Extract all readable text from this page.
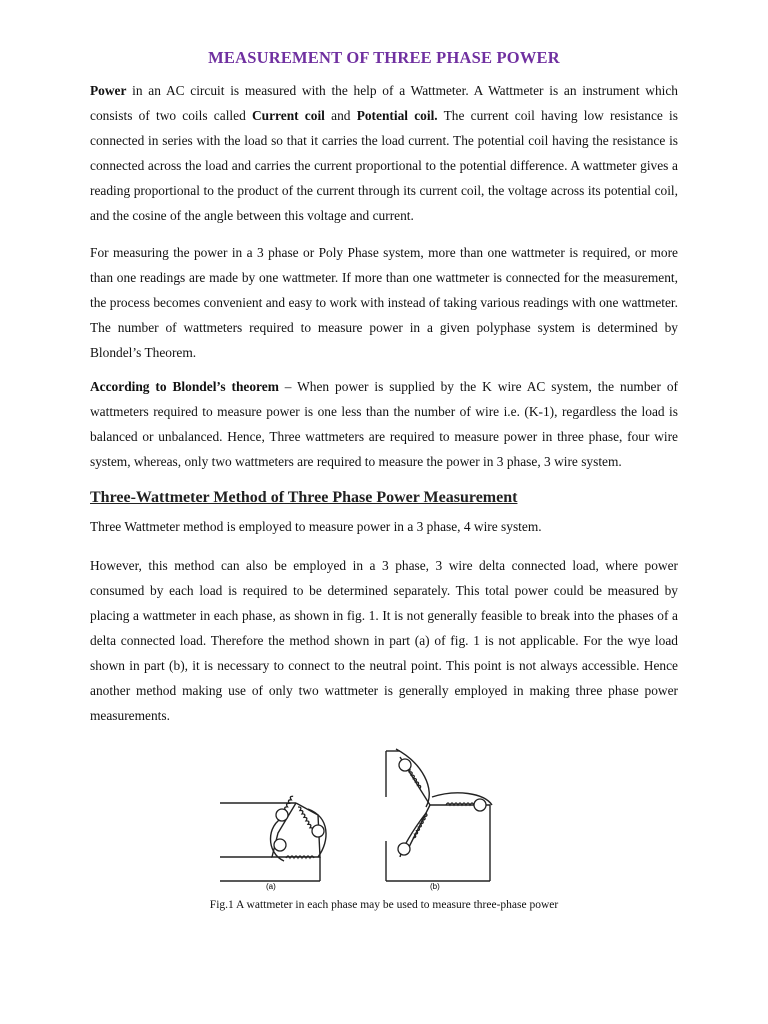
MEASUREMENT OF THREE PHASE POWER

Power in an AC circuit is measured with the help of a Wattmeter. A Wattmeter is an instrument which consists of two coils called Current coil and Potential coil. The current coil having low resistance is connected in series with the load so that it carries the load current. The potential coil having the resistance is connected across the load and carries the current proportional to the potential difference. A wattmeter gives a reading proportional to the product of the current through its current coil, the voltage across its potential coil, and the cosine of the angle between this voltage and current.

For measuring the power in a 3 phase or Poly Phase system, more than one wattmeter is required, or more than one readings are made by one wattmeter. If more than one wattmeter is connected for the measurement, the process becomes convenient and easy to work with instead of taking various readings with one wattmeter. The number of wattmeters required to measure power in a given polyphase system is determined by Blondel’s Theorem.

According to Blondel’s theorem – When power is supplied by the K wire AC system, the number of wattmeters required to measure power is one less than the number of wire i.e. (K-1), regardless the load is balanced or unbalanced. Hence, Three wattmeters are required to measure power in three phase, four wire system, whereas, only two wattmeters are required to measure the power in 3 phase, 3 wire system.

Three-Wattmeter Method of Three Phase Power Measurement

Three Wattmeter method is employed to measure power in a 3 phase, 4 wire system.

However, this method can also be employed in a 3 phase, 3 wire delta connected load, where power consumed by each load is required to be determined separately. This total power could be measured by placing a wattmeter in each phase, as shown in fig. 1. It is not generally feasible to break into the phases of a delta connected load. Therefore the method shown in part (a) of fig. 1 is not applicable. For the wye load shown in part (b), it is necessary to connect to the neutral point. This point is not always accessible. Hence another method making use of only two wattmeter is generally employed in making three phase power measurements.

(a)	(b)
Fig.1 A wattmeter in each phase may be used to measure three-phase power
